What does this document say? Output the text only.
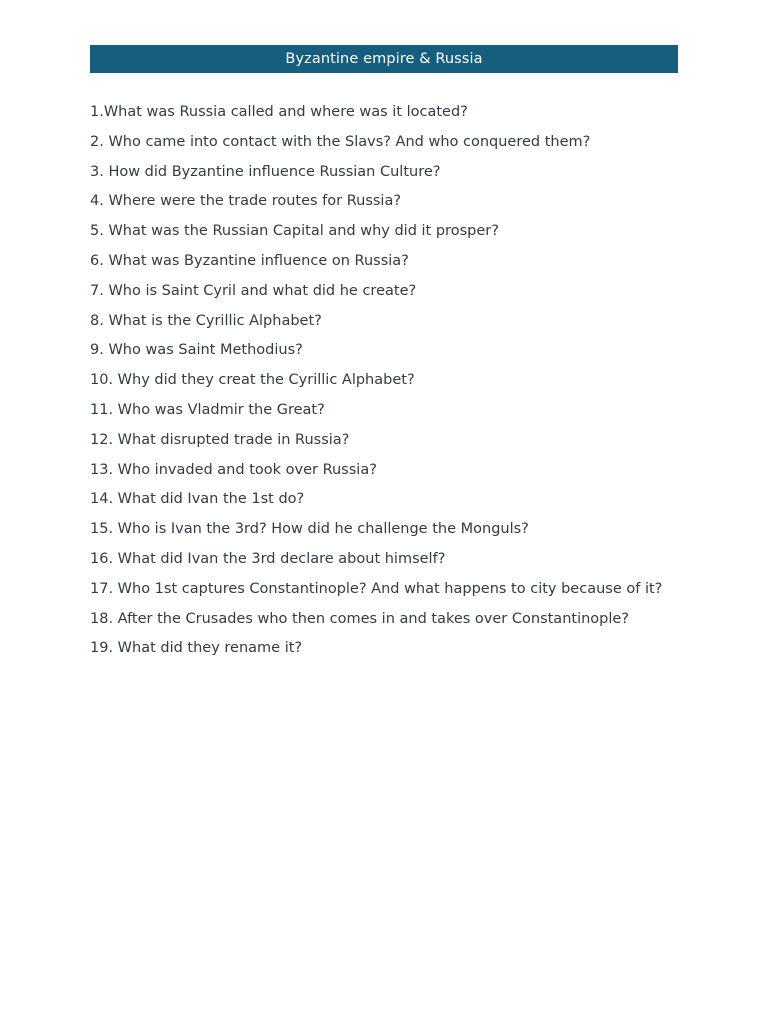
Byzantine empire & Russia
1.What was Russia called and where was it located?
2. Who came into contact with the Slavs? And who conquered them?
3. How did Byzantine influence Russian Culture?
4. Where were the trade routes for Russia?
5. What was the Russian Capital and why did it prosper?
6. What was Byzantine influence on Russia?
7. Who is Saint Cyril and what did he create?
8. What is the Cyrillic Alphabet?
9. Who was Saint Methodius?
10. Why did they creat the Cyrillic Alphabet?
11. Who was Vladmir the Great?
12. What disrupted trade in Russia?
13. Who invaded and took over Russia?
14. What did Ivan the 1st do?
15. Who is Ivan the 3rd? How did he challenge the Monguls?
16. What did Ivan the 3rd declare about himself?
17. Who 1st captures Constantinople? And what happens to city because of it?
18. After the Crusades who then comes in and takes over Constantinople?
19. What did they rename it?
